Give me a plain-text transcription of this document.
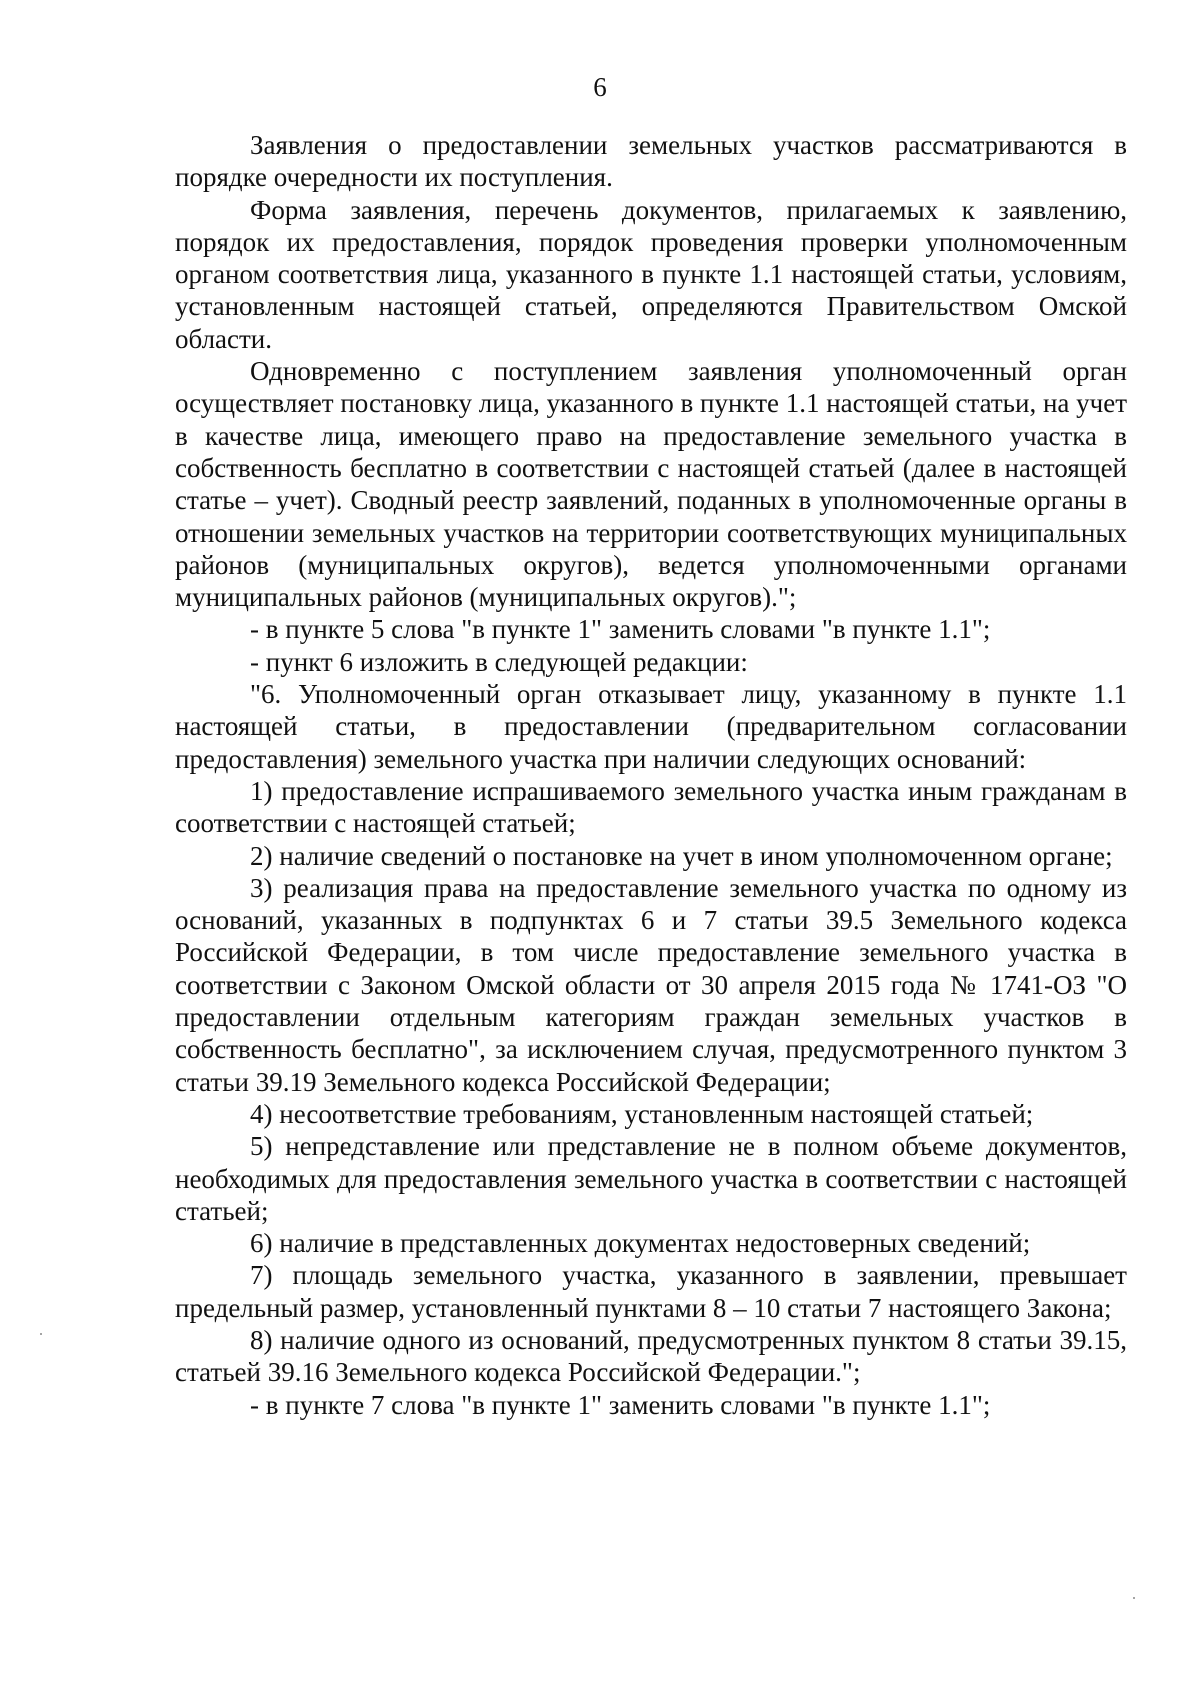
6

Заявления о предоставлении земельных участков рассматриваются в порядке очередности их поступления.

Форма заявления, перечень документов, прилагаемых к заявлению, порядок их предоставления, порядок проведения проверки уполномоченным органом соответствия лица, указанного в пункте 1.1 настоящей статьи, условиям, установленным настоящей статьей, определяются Правительством Омской области.

Одновременно с поступлением заявления уполномоченный орган осуществляет постановку лица, указанного в пункте 1.1 настоящей статьи, на учет в качестве лица, имеющего право на предоставление земельного участка в собственность бесплатно в соответствии с настоящей статьей (далее в настоящей статье – учет). Сводный реестр заявлений, поданных в уполномоченные органы в отношении земельных участков на территории соответствующих муниципальных районов (муниципальных округов), ведется уполномоченными органами муниципальных районов (муниципальных округов).";

- в пункте 5 слова "в пункте 1" заменить словами "в пункте 1.1";

- пункт 6 изложить в следующей редакции:

"6. Уполномоченный орган отказывает лицу, указанному в пункте 1.1 настоящей статьи, в предоставлении (предварительном согласовании предоставления) земельного участка при наличии следующих оснований:

1) предоставление испрашиваемого земельного участка иным гражданам в соответствии с настоящей статьей;

2) наличие сведений о постановке на учет в ином уполномоченном органе;

3) реализация права на предоставление земельного участка по одному из оснований, указанных в подпунктах 6 и 7 статьи 39.5 Земельного кодекса Российской Федерации, в том числе предоставление земельного участка в соответствии с Законом Омской области от 30 апреля 2015 года № 1741-ОЗ "О предоставлении отдельным категориям граждан земельных участков в собственность бесплатно", за исключением случая, предусмотренного пунктом 3 статьи 39.19 Земельного кодекса Российской Федерации;

4) несоответствие требованиям, установленным настоящей статьей;

5) непредставление или представление не в полном объеме документов, необходимых для предоставления земельного участка в соответствии с настоящей статьей;

6) наличие в представленных документах недостоверных сведений;

7) площадь земельного участка, указанного в заявлении, превышает предельный размер, установленный пунктами 8 – 10 статьи 7 настоящего Закона;

8) наличие одного из оснований, предусмотренных пунктом 8 статьи 39.15, статьей 39.16 Земельного кодекса Российской Федерации.";

- в пункте 7 слова "в пункте 1" заменить словами "в пункте 1.1";
